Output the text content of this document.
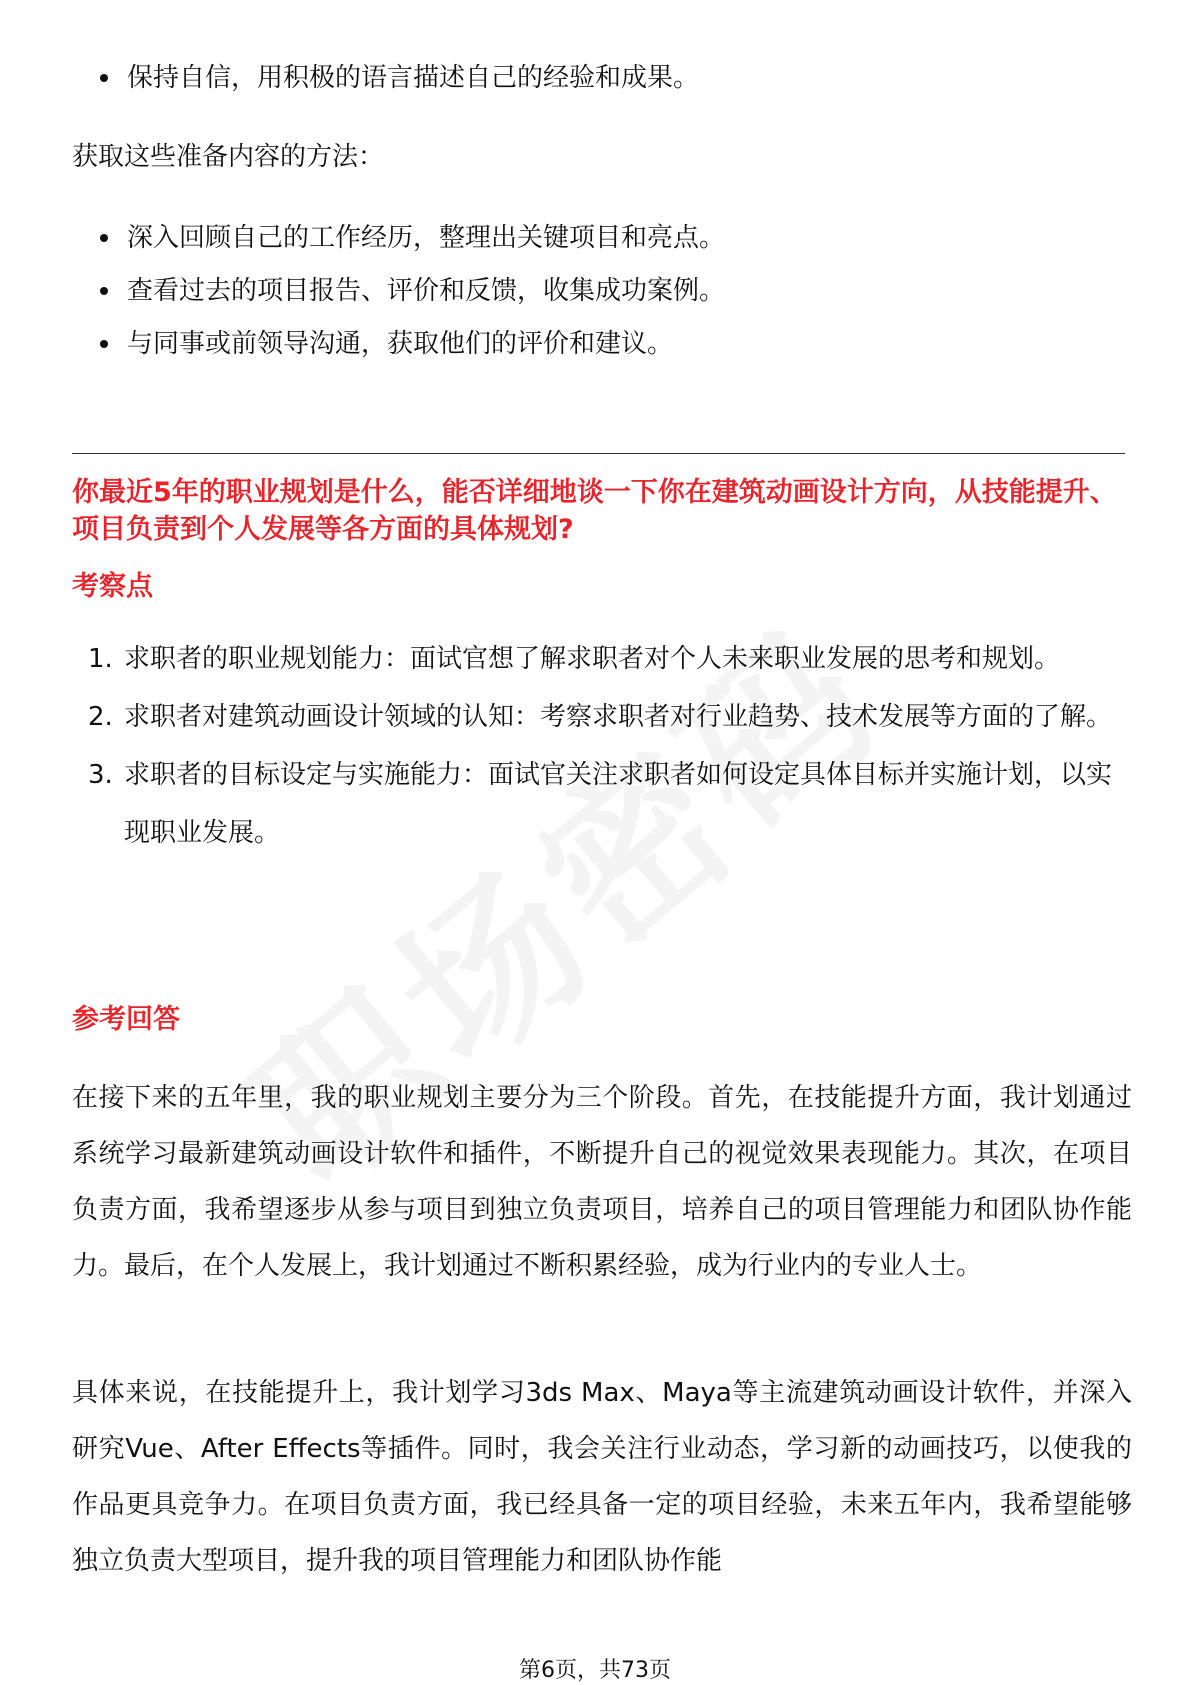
保持自信，用积极的语言描述自己的经验和成果。
获取这些准备内容的方法：
深入回顾自己的工作经历，整理出关键项目和亮点。
查看过去的项目报告、评价和反馈，收集成功案例。
与同事或前领导沟通，获取他们的评价和建议。
你最近5年的职业规划是什么，能否详细地谈一下你在建筑动画设计方向，从技能提升、项目负责到个人发展等各方面的具体规划?
考察点
1. 求职者的职业规划能力：面试官想了解求职者对个人未来职业发展的思考和规划。
2. 求职者对建筑动画设计领域的认知：考察求职者对行业趋势、技术发展等方面的了解。
3. 求职者的目标设定与实施能力：面试官关注求职者如何设定具体目标并实施计划，以实现职业发展。
参考回答
在接下来的五年里，我的职业规划主要分为三个阶段。首先，在技能提升方面，我计划通过系统学习最新建筑动画设计软件和插件，不断提升自己的视觉效果表现能力。其次，在项目负责方面，我希望逐步从参与项目到独立负责项目，培养自己的项目管理能力和团队协作能力。最后，在个人发展上，我计划通过不断积累经验，成为行业内的专业人士。
具体来说，在技能提升上，我计划学习3ds Max、Maya等主流建筑动画设计软件，并深入研究Vue、After Effects等插件。同时，我会关注行业动态，学习新的动画技巧，以使我的作品更具竞争力。在项目负责方面，我已经具备一定的项目经验，未来五年内，我希望能够独立负责大型项目，提升我的项目管理能力和团队协作能
第6页，共73页
